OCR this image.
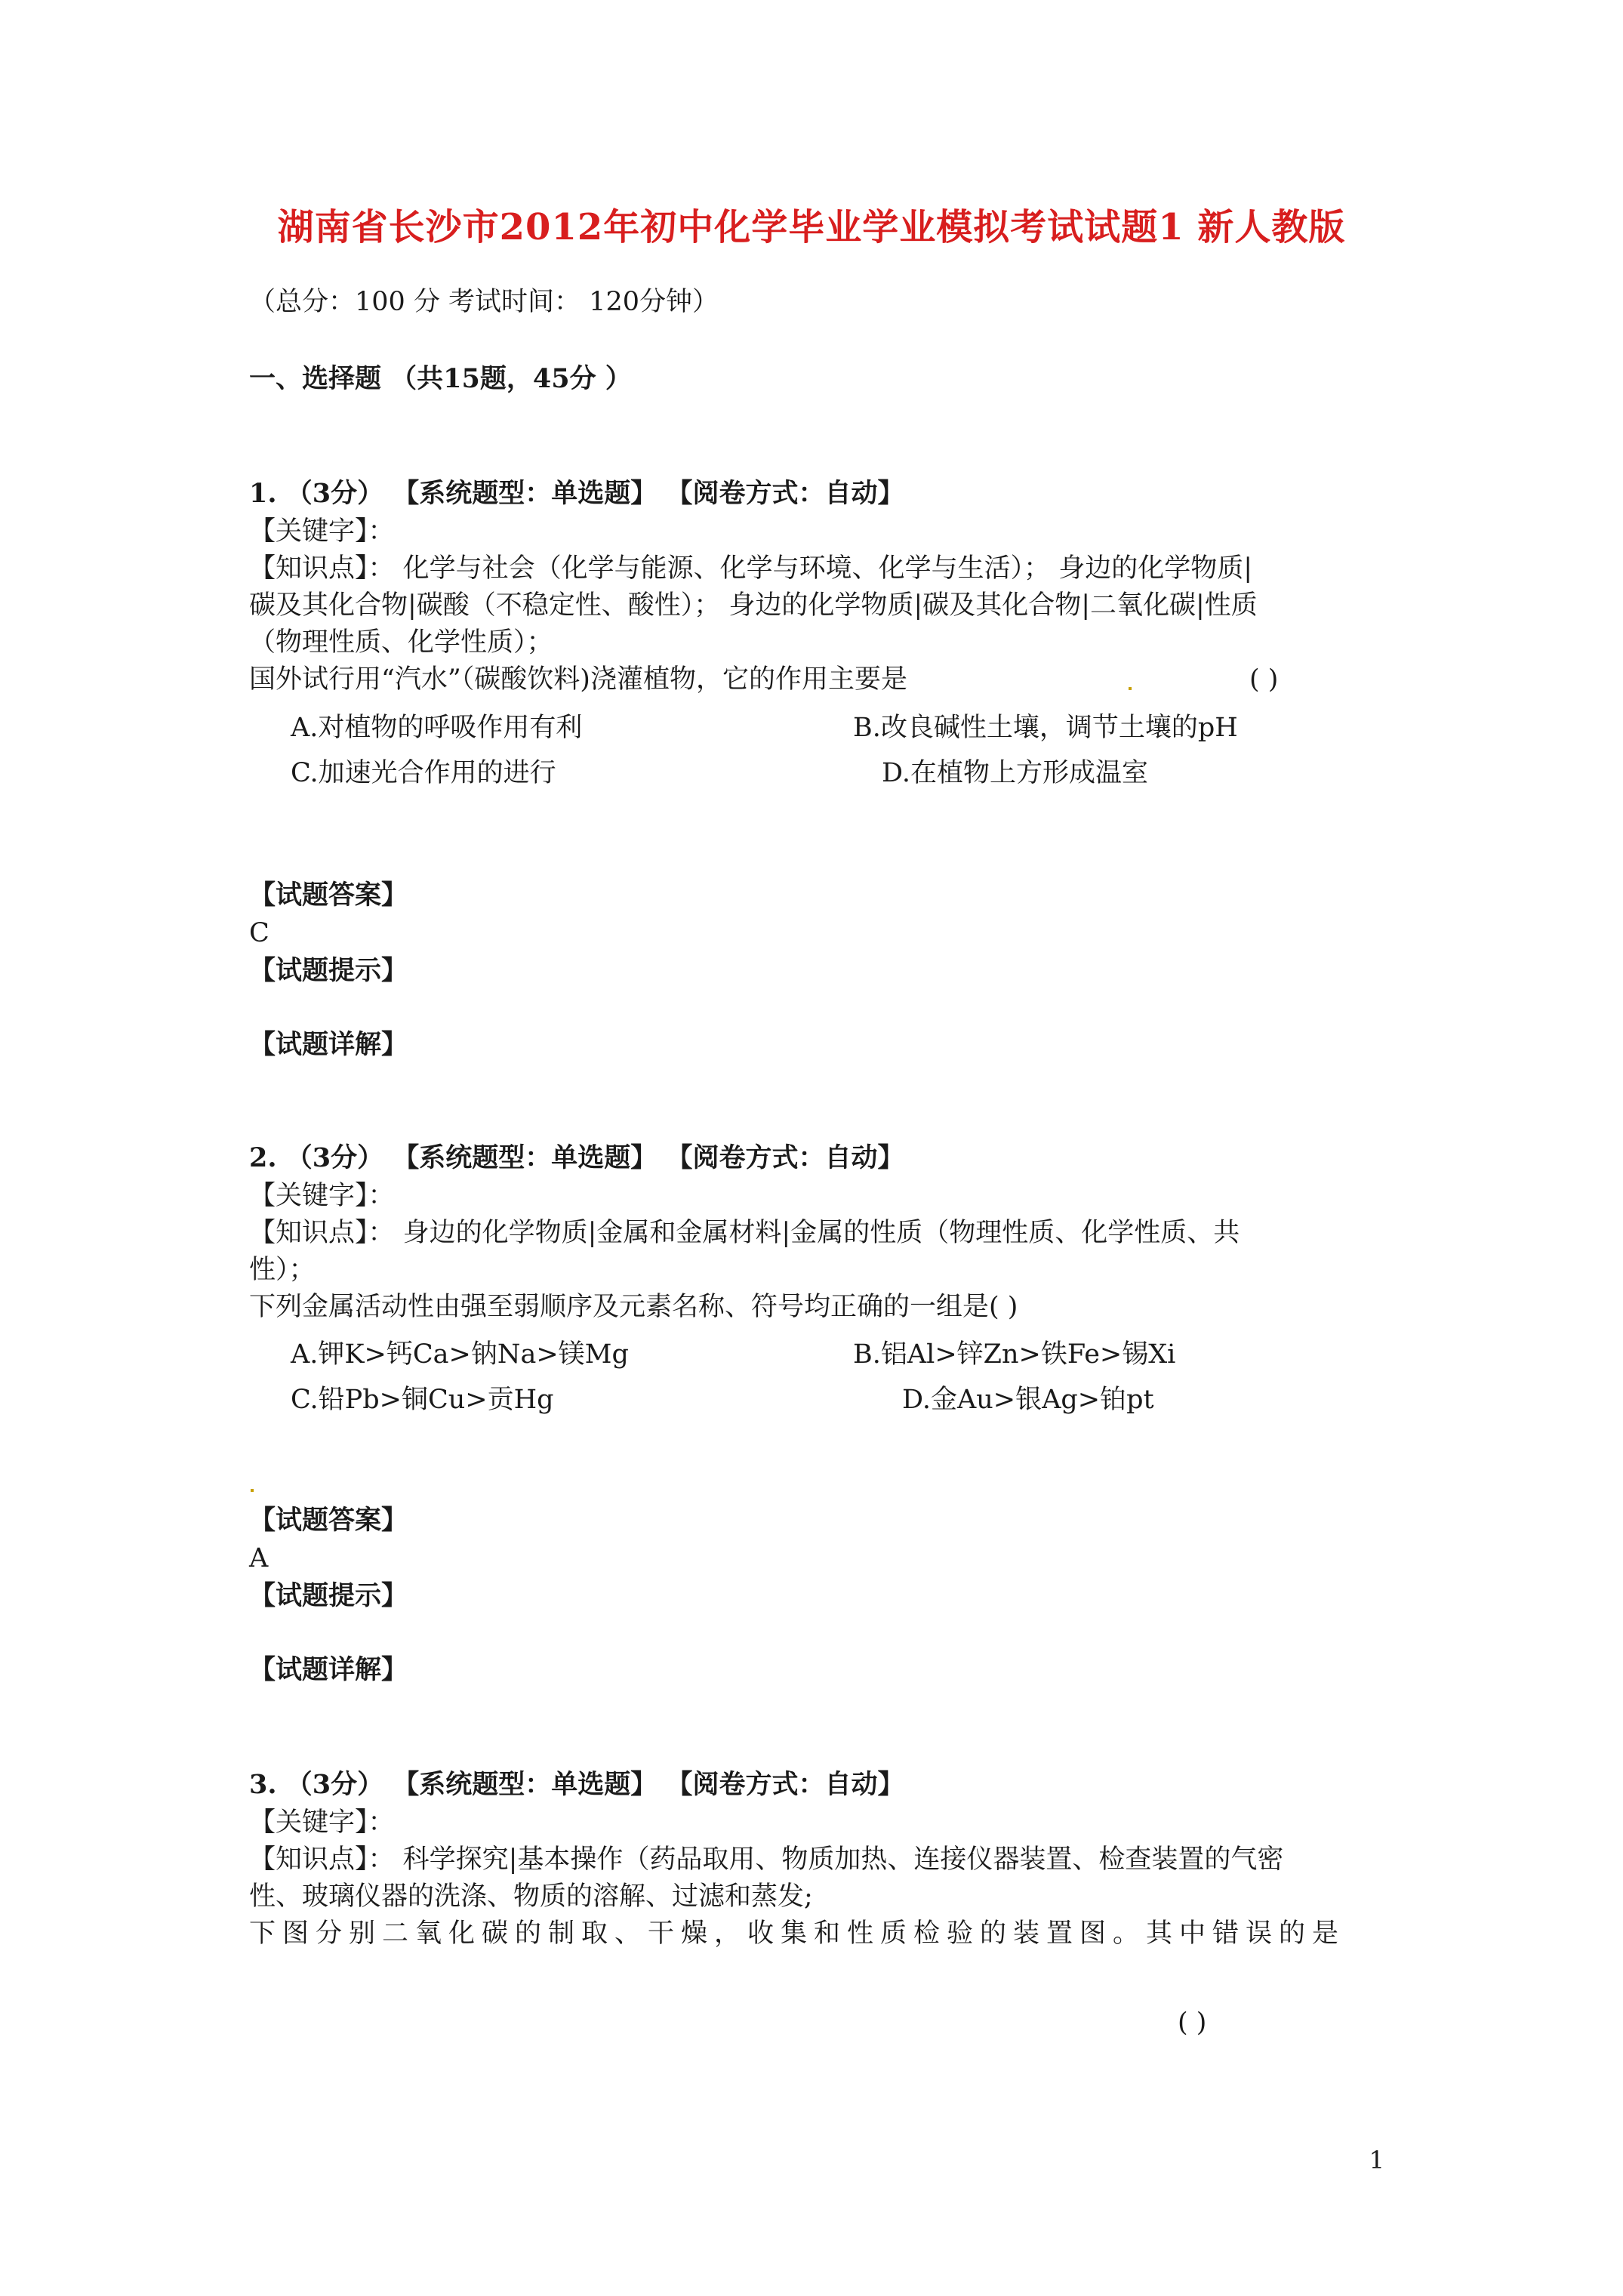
湖南省长沙市2012年初中化学毕业学业模拟考试试题1 新人教版
（总分：100 分 考试时间： 120分钟）
一、选择题 （共15题，45分 ）
1. （3分） 【系统题型：单选题】 【阅卷方式：自动】
【关键字】：
【知识点】： 化学与社会（化学与能源、化学与环境、化学与生活）； 身边的化学物质|
碳及其化合物|碳酸（不稳定性、酸性）； 身边的化学物质|碳及其化合物|二氧化碳|性质
（物理性质、化学性质）；
国外试行用“汽水”（碳酸饮料)浇灌植物，它的作用主要是	( )
A.对植物的呼吸作用有利	B.改良碱性土壤，调节土壤的pH
C.加速光合作用的进行	D.在植物上方形成温室
【试题答案】
C
【试题提示】
【试题详解】
2. （3分） 【系统题型：单选题】 【阅卷方式：自动】
【关键字】：
【知识点】： 身边的化学物质|金属和金属材料|金属的性质（物理性质、化学性质、共
性）；
下列金属活动性由强至弱顺序及元素名称、符号均正确的一组是( )
A.钾K>钙Ca>钠Na>镁Mg	B.铝Al>锌Zn>铁Fe>锡Xi
C.铅Pb>铜Cu>贡Hg	D.金Au>银Ag>铂pt
【试题答案】
A
【试题提示】
【试题详解】
3. （3分） 【系统题型：单选题】 【阅卷方式：自动】
【关键字】：
【知识点】： 科学探究|基本操作（药品取用、物质加热、连接仪器装置、检查装置的气密
性、玻璃仪器的洗涤、物质的溶解、过滤和蒸发;
下图分别二氧化碳的制取、干燥，收集和性质检验的装置图。其中错误的是
( )
1
